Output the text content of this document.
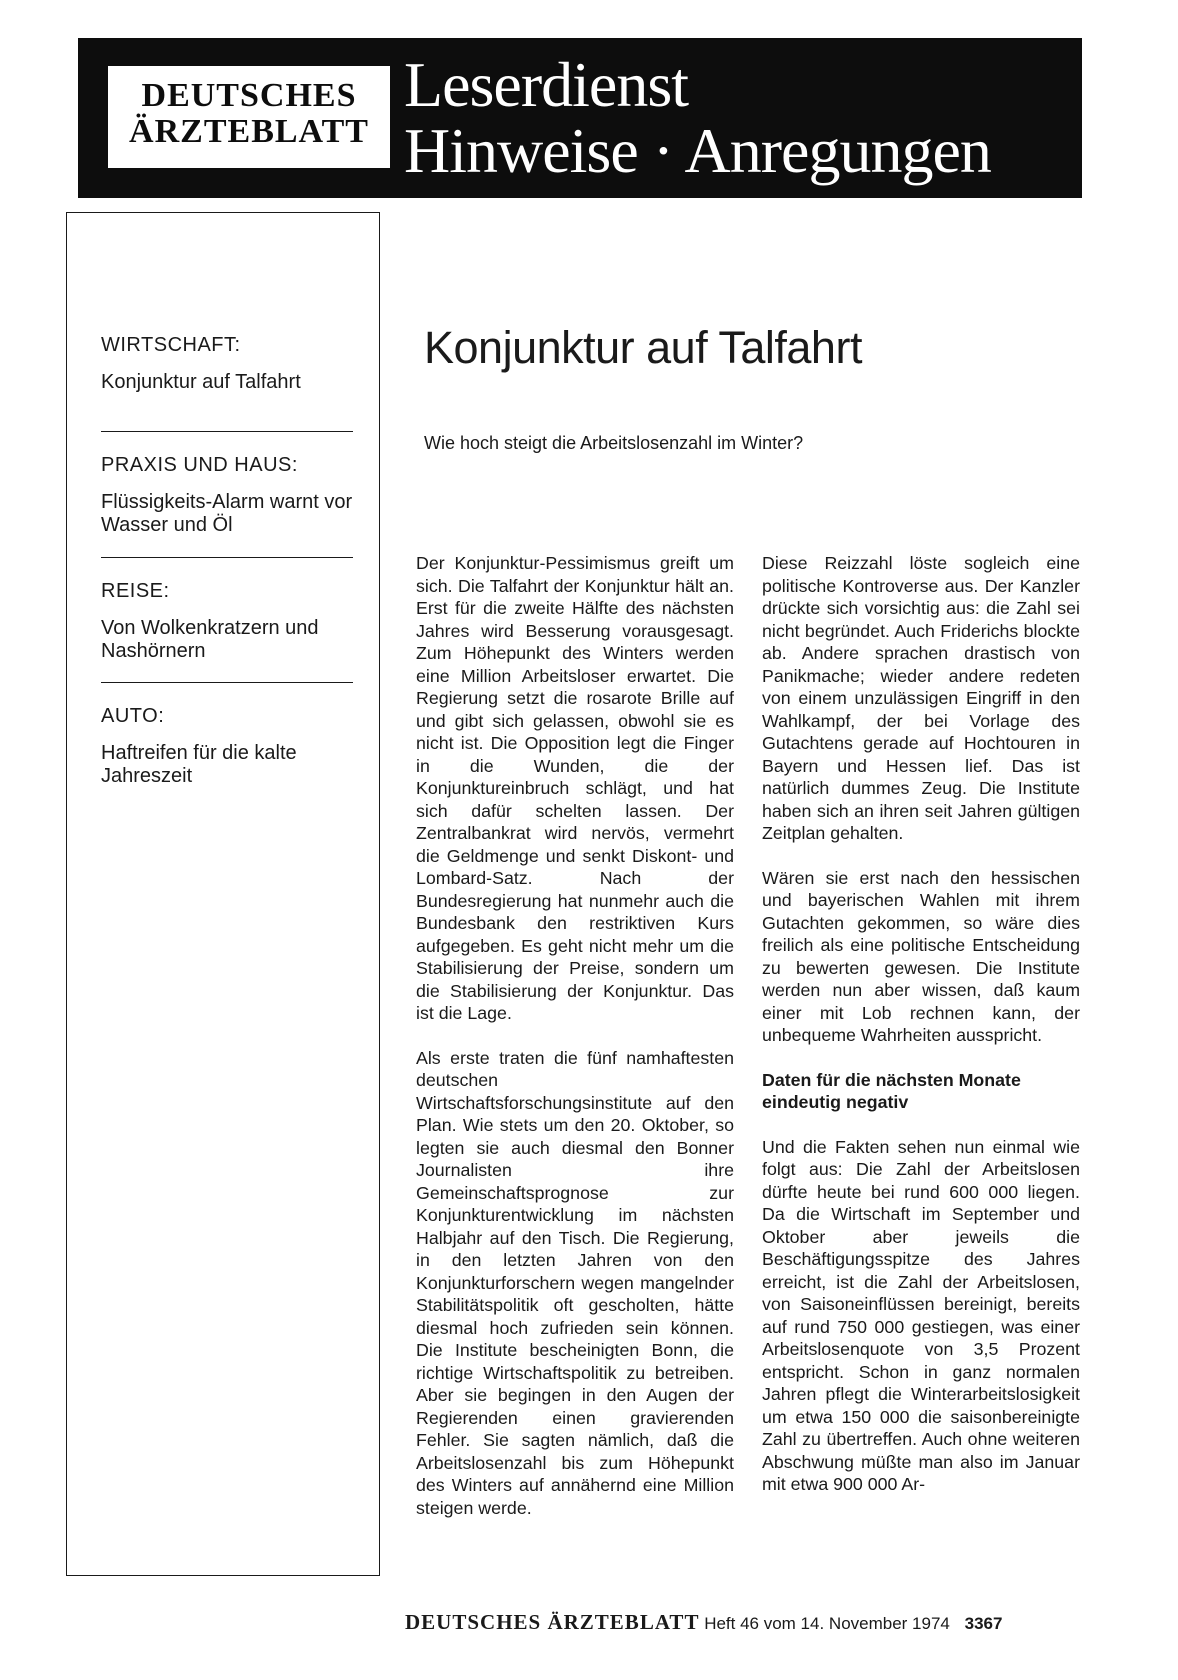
DEUTSCHES
ÄRZTEBLATT
Leserdienst
Hinweise · Anregungen
WIRTSCHAFT:
Konjunktur auf Talfahrt
PRAXIS UND HAUS:
Flüssigkeits-Alarm warnt vor Wasser und Öl
REISE:
Von Wolkenkratzern und Nashörnern
AUTO:
Haftreifen für die kalte Jahreszeit
Konjunktur auf Talfahrt
Wie hoch steigt die Arbeitslosenzahl im Winter?

Der Konjunktur-Pessimismus greift um sich. Die Talfahrt der Konjunktur hält an. Erst für die zweite Hälfte des nächsten Jahres wird Besserung vorausgesagt. Zum Höhepunkt des Winters werden eine Million Arbeitsloser erwartet. Die Regierung setzt die rosarote Brille auf und gibt sich gelassen, obwohl sie es nicht ist. Die Opposition legt die Finger in die Wunden, die der Konjunktureinbruch schlägt, und hat sich dafür schelten lassen. Der Zentralbankrat wird nervös, vermehrt die Geldmenge und senkt Diskont- und Lombard-Satz. Nach der Bundesregierung hat nunmehr auch die Bundesbank den restriktiven Kurs aufgegeben. Es geht nicht mehr um die Stabilisierung der Preise, sondern um die Stabilisierung der Konjunktur. Das ist die Lage.

Als erste traten die fünf namhaftesten deutschen Wirtschaftsforschungsinstitute auf den Plan. Wie stets um den 20. Oktober, so legten sie auch diesmal den Bonner Journalisten ihre Gemeinschaftsprognose zur Konjunkturentwicklung im nächsten Halbjahr auf den Tisch. Die Regierung, in den letzten Jahren von den Konjunkturforschern wegen mangelnder Stabilitätspolitik oft gescholten, hätte diesmal hoch zufrieden sein können. Die Institute bescheinigten Bonn, die richtige Wirtschaftspolitik zu betreiben. Aber sie begingen in den Augen der Regierenden einen gravierenden Fehler. Sie sagten nämlich, daß die Arbeitslosenzahl bis zum Höhepunkt des Winters auf annähernd eine Million steigen werde.

Diese Reizzahl löste sogleich eine politische Kontroverse aus. Der Kanzler drückte sich vorsichtig aus: die Zahl sei nicht begründet. Auch Friderichs blockte ab. Andere sprachen drastisch von Panikmache; wieder andere redeten von einem unzulässigen Eingriff in den Wahlkampf, der bei Vorlage des Gutachtens gerade auf Hochtouren in Bayern und Hessen lief. Das ist natürlich dummes Zeug. Die Institute haben sich an ihren seit Jahren gültigen Zeitplan gehalten.

Wären sie erst nach den hessischen und bayerischen Wahlen mit ihrem Gutachten gekommen, so wäre dies freilich als eine politische Entscheidung zu bewerten gewesen. Die Institute werden nun aber wissen, daß kaum einer mit Lob rechnen kann, der unbequeme Wahrheiten ausspricht.

Daten für die nächsten Monate eindeutig negativ

Und die Fakten sehen nun einmal wie folgt aus: Die Zahl der Arbeitslosen dürfte heute bei rund 600 000 liegen. Da die Wirtschaft im September und Oktober aber jeweils die Beschäftigungsspitze des Jahres erreicht, ist die Zahl der Arbeitslosen, von Saisoneinflüssen bereinigt, bereits auf rund 750 000 gestiegen, was einer Arbeitslosenquote von 3,5 Prozent entspricht. Schon in ganz normalen Jahren pflegt die Winterarbeitslosigkeit um etwa 150 000 die saisonbereinigte Zahl zu übertreffen. Auch ohne weiteren Abschwung müßte man also im Januar mit etwa 900 000 Ar-

DEUTSCHES ÄRZTEBLATT Heft 46 vom 14. November 1974 3367
